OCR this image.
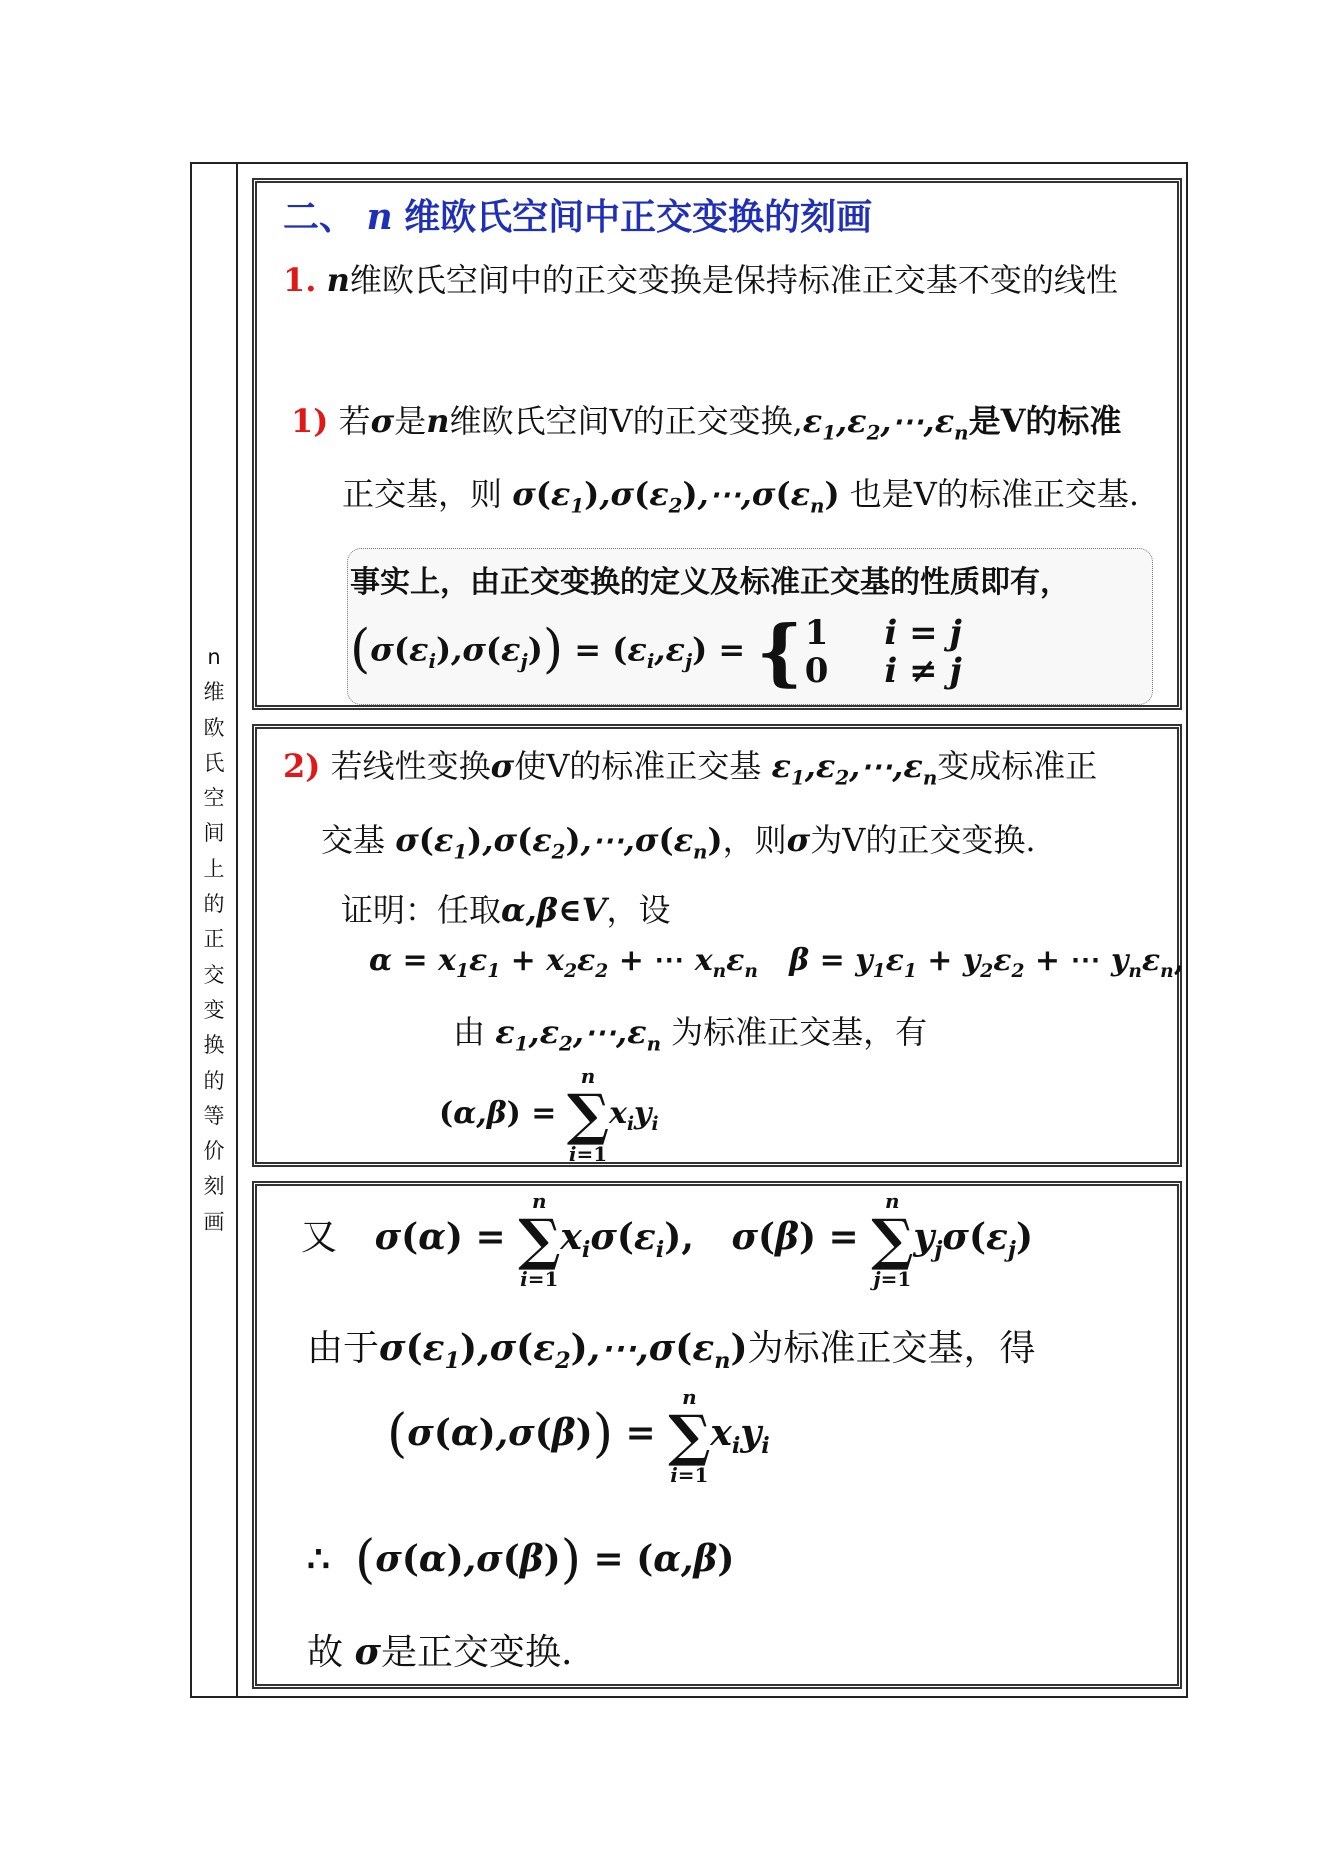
n
维
欧
氏
空
间
上
的
正
交
变
换
的
等
价
刻
画
二、 n 维欧氏空间中正交变换的刻画
1. n维欧氏空间中的正交变换是保持标准正交基不变的线性
1) 若σ是n维欧氏空间V的正交变换$,\varepsilon_1,\varepsilon_2,\cdots,\varepsilon_n$是V的标准
正交基，则 $\sigma(\varepsilon_1),\sigma(\varepsilon_2),\cdots,\sigma(\varepsilon_n)$ 也是V的标准正交基.
事实上，由正交变换的定义及标准正交基的性质即有，
$(\sigma(\varepsilon_i),\sigma(\varepsilon_j)) = (\varepsilon_i,\varepsilon_j)$ = { 1	i = j
0	i ≠ j
2) 若线性变换σ使V的标准正交基 $\varepsilon_1,\varepsilon_2,\cdots,\varepsilon_n$变成标准正
交基 $\sigma(\varepsilon_1),\sigma(\varepsilon_2),\cdots,\sigma(\varepsilon_n)$，则σ为V的正交变换.
证明：任取α,β∈V，设
$\alpha = x_1\varepsilon_1 + x_2\varepsilon_2$ + ⋯ $x_n\varepsilon_n$   $\beta = y_1\varepsilon_1 + y_2\varepsilon_2$ + ⋯ $y_n\varepsilon_n$,
由 $\varepsilon_1,\varepsilon_2,\cdots,\varepsilon_n$ 为标准正交基，有
(α,β) =
n
∑
i=1
$x_iy_i$
又   σ(α) =
n
∑
i=1
$x_i\sigma(\varepsilon_i)$,   σ(β) =
n
∑
j=1
$y_j\sigma(\varepsilon_j)$
由于$\sigma(\varepsilon_1),\sigma(\varepsilon_2),\cdots,\sigma(\varepsilon_n)$为标准正交基，得
(σ(α),σ(β)) =
n
∑
i=1
$x_iy_i$
∴ (σ(α),σ(β)) = (α,β)
故 σ是正交变换.
